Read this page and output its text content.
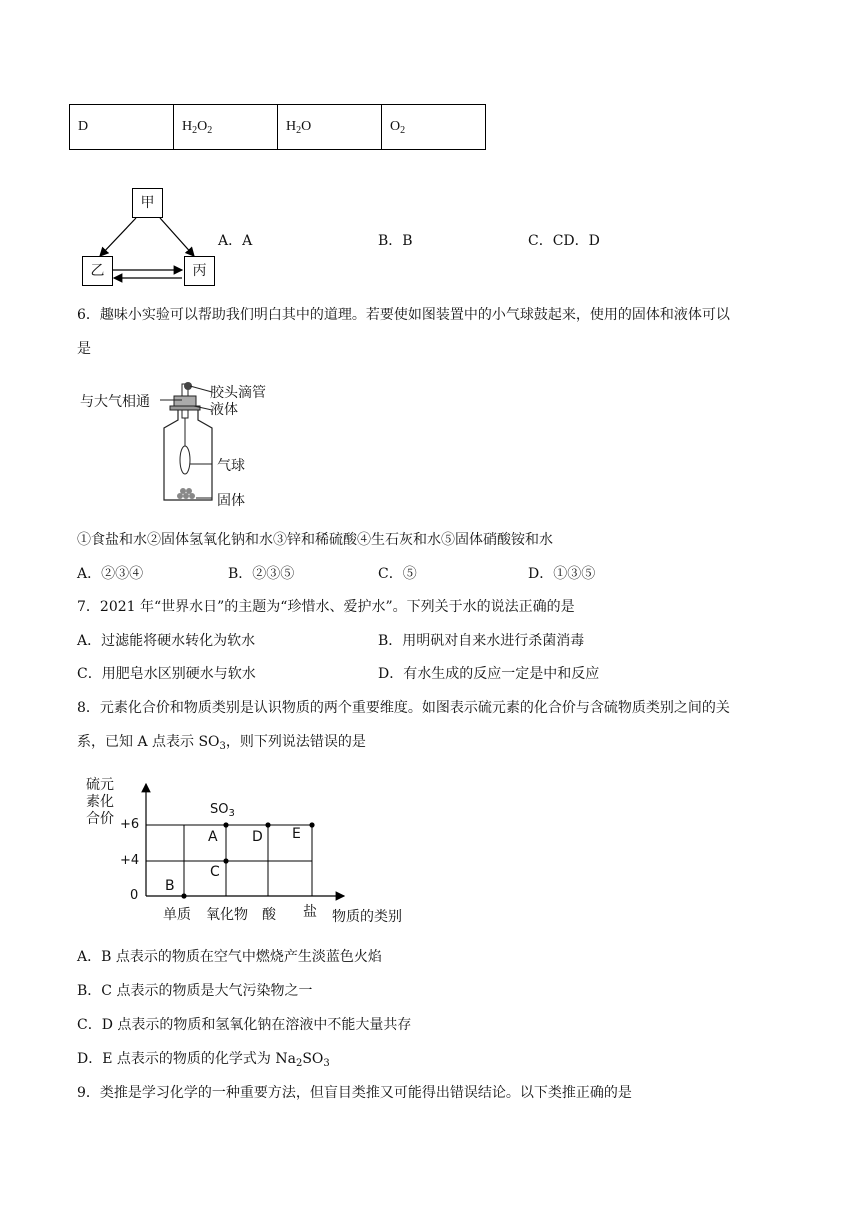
D	$H_2O_2$	$H_2O$	$O_2$
甲
乙	丙
A．A	B．B	C．CD．D
6．趣味小实验可以帮助我们明白其中的道理。若要使如图装置中的小气球鼓起来，使用的固体和液体可以
是
与大气相通
胶头滴管
液体
气球
固体
①食盐和水②固体氢氧化钠和水③锌和稀硫酸④生石灰和水⑤固体硝酸铵和水
A．②③④	B．②③⑤	C．⑤	D．①③⑤
7．2021 年“世界水日”的主题为“珍惜水、爱护水”。下列关于水的说法正确的是
A．过滤能将硬水转化为软水	B．用明矾对自来水进行杀菌消毒
C．用肥皂水区别硬水与软水	D．有水生成的反应一定是中和反应
8．元素化合价和物质类别是认识物质的两个重要维度。如图表示硫元素的化合价与含硫物质类别之间的关
系，已知 A 点表示 $SO_3$，则下列说法错误的是
硫元
素化
合价 +6
+4
0
$SO_3$
A
B
C
D E
单质 氧化物 酸 盐 物质的类别
A．B 点表示的物质在空气中燃烧产生淡蓝色火焰
B．C 点表示的物质是大气污染物之一
C．D 点表示的物质和氢氧化钠在溶液中不能大量共存
D．E 点表示的物质的化学式为 $Na_2SO_3$
9．类推是学习化学的一种重要方法，但盲目类推又可能得出错误结论。以下类推正确的是
